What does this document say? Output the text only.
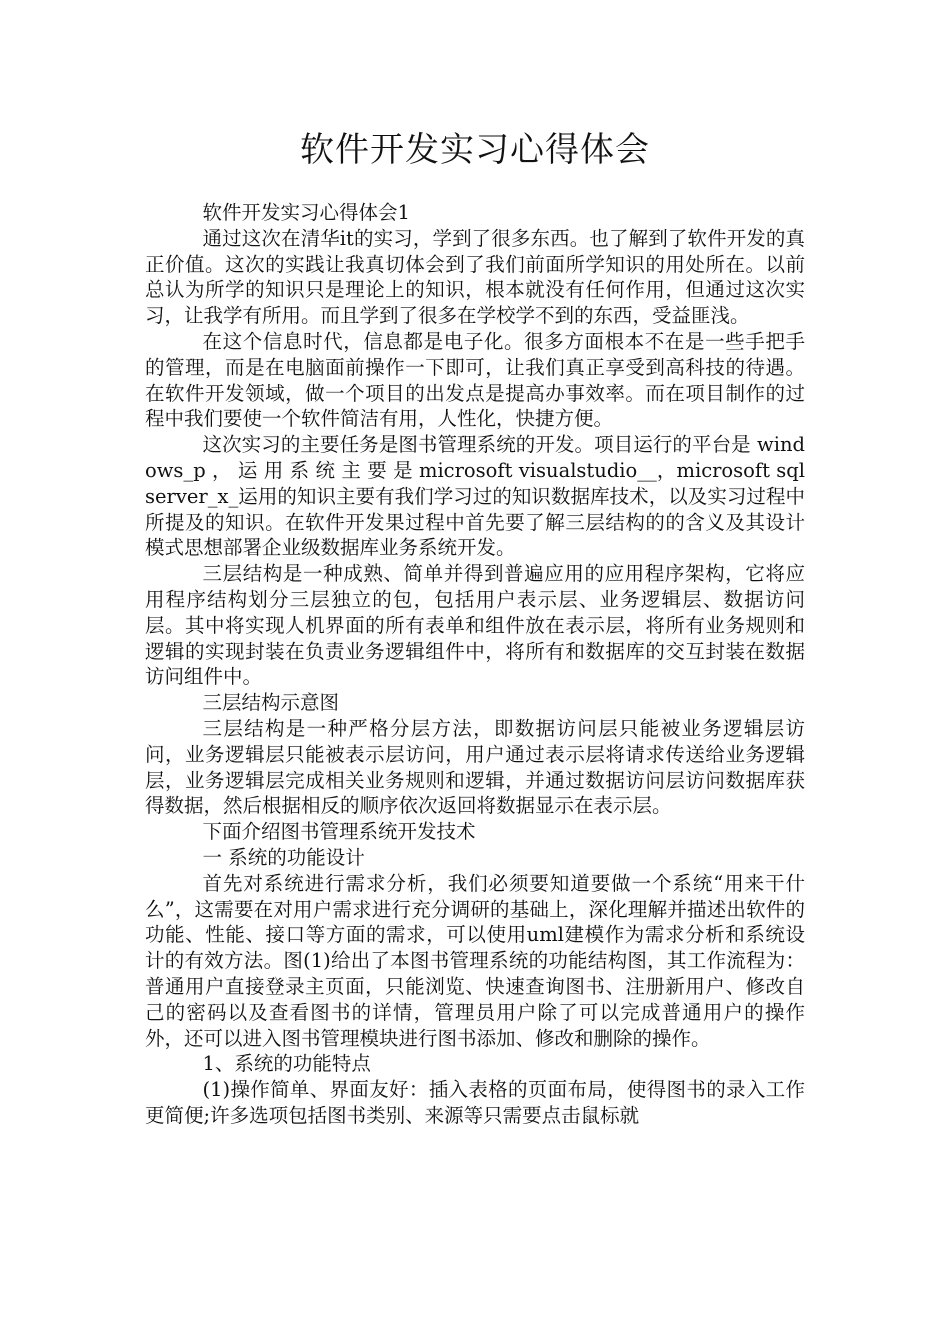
软件开发实习心得体会

软件开发实习心得体会1

通过这次在清华it的实习，学到了很多东西。也了解到了软件开发的真正价值。这次的实践让我真切体会到了我们前面所学知识的用处所在。以前总认为所学的知识只是理论上的知识，根本就没有任何作用，但通过这次实习，让我学有所用。而且学到了很多在学校学不到的东西，受益匪浅。

在这个信息时代，信息都是电子化。很多方面根本不在是一些手把手的管理，而是在电脑面前操作一下即可，让我们真正享受到高科技的待遇。在软件开发领域，做一个项目的出发点是提高办事效率。而在项目制作的过程中我们要使一个软件简洁有用，人性化，快捷方便。

这次实习的主要任务是图书管理系统的开发。项目运行的平台是 windows_p ， 运 用 系 统 主 要 是 microsoft visualstudio__，microsoft sql server_x_运用的知识主要有我们学习过的知识数据库技术，以及实习过程中所提及的知识。在软件开发果过程中首先要了解三层结构的的含义及其设计模式思想部署企业级数据库业务系统开发。

三层结构是一种成熟、简单并得到普遍应用的应用程序架构，它将应用程序结构划分三层独立的包，包括用户表示层、业务逻辑层、数据访问层。其中将实现人机界面的所有表单和组件放在表示层，将所有业务规则和逻辑的实现封装在负责业务逻辑组件中，将所有和数据库的交互封装在数据访问组件中。

三层结构示意图

三层结构是一种严格分层方法，即数据访问层只能被业务逻辑层访问，业务逻辑层只能被表示层访问，用户通过表示层将请求传送给业务逻辑层，业务逻辑层完成相关业务规则和逻辑，并通过数据访问层访问数据库获得数据，然后根据相反的顺序依次返回将数据显示在表示层。

下面介绍图书管理系统开发技术

一 系统的功能设计

首先对系统进行需求分析，我们必须要知道要做一个系统“用来干什么”，这需要在对用户需求进行充分调研的基础上，深化理解并描述出软件的功能、性能、接口等方面的需求，可以使用uml建模作为需求分析和系统设计的有效方法。图(1)给出了本图书管理系统的功能结构图，其工作流程为：普通用户直接登录主页面，只能浏览、快速查询图书、注册新用户、修改自己的密码以及查看图书的详情，管理员用户除了可以完成普通用户的操作外，还可以进入图书管理模块进行图书添加、修改和删除的操作。

1、系统的功能特点

(1)操作简单、界面友好：插入表格的页面布局，使得图书的录入工作更简便;许多选项包括图书类别、来源等只需要点击鼠标就
